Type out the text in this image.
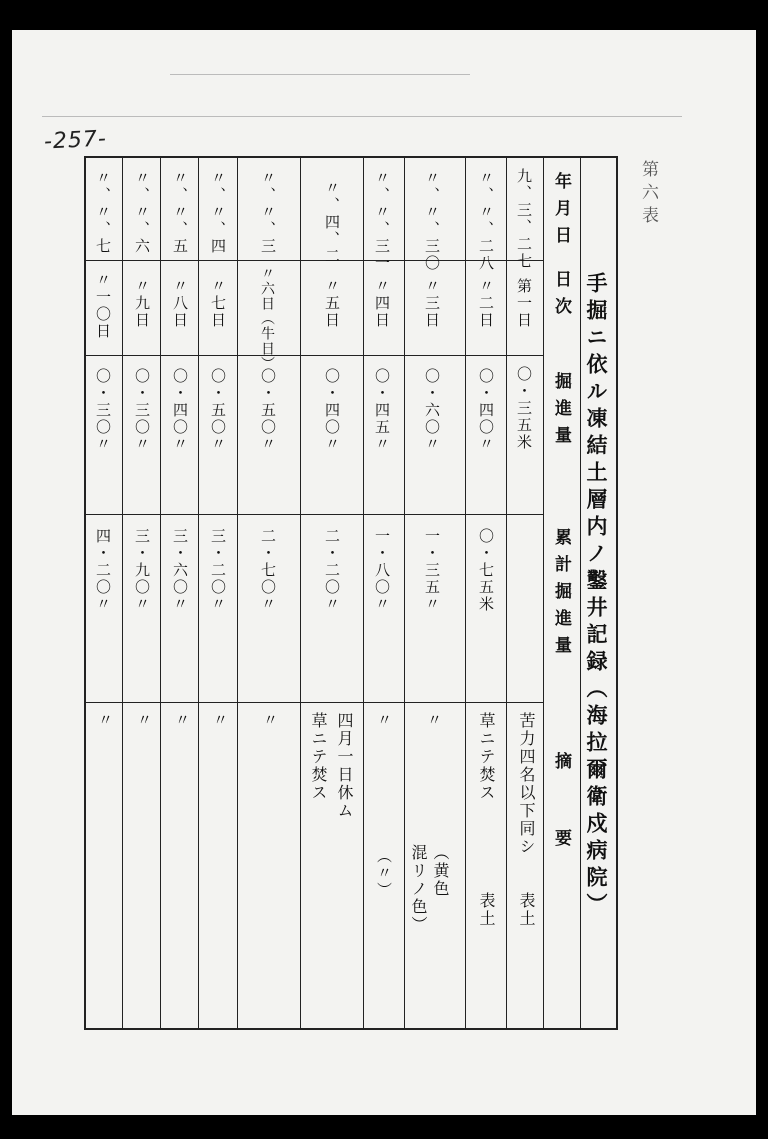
-257-
第六表
手掘ニ依ル凍結土層内ノ鑿井記録（海拉爾衛戍病院）
年月日
日次
掘進量
累計掘進量
摘要
九、三、二七
第一日
〇・三五米
苦力四名以下同シ
表土
〃、〃、二八
〃二日
〇・四〇〃
〇・七五米
草ニテ焚ス
表土
〃、〃、三〇
〃三日
〇・六〇〃
一・三五〃
〃
（黄色
混リノ色）
〃、〃、三一
〃四日
〇・四五〃
一・八〇〃
〃
（〃）
〃、四、二
〃五日
〇・四〇〃
二・二〇〃
四月一日休ム
草ニテ焚ス
〃、〃、三
〃六日（牛日）
〇・五〇〃
二・七〇〃
〃
〃、〃、四
〃七日
〇・五〇〃
三・二〇〃
〃
〃、〃、五
〃八日
〇・四〇〃
三・六〇〃
〃
〃、〃、六
〃九日
〇・三〇〃
三・九〇〃
〃
〃、〃、七
〃一〇日
〇・三〇〃
四・二〇〃
〃
